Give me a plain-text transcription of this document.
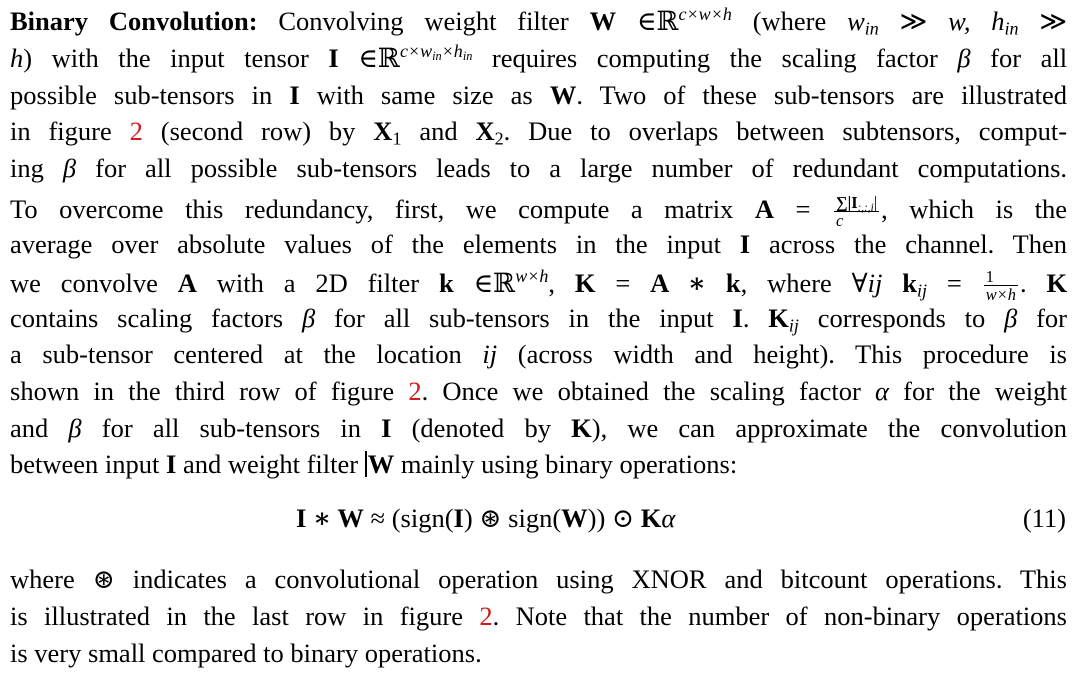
Binary Convolution: Convolving weight filter W ∈ℝ$^{c\times w\times h}$ (where $w_{in}$ ≫ w, $h_{in}$ ≫
h) with the input tensor I ∈ℝ$^{c\times w_{in}\times h_{in}}$ requires computing the scaling factor β for all
possible sub-tensors in I with same size as W. Two of these sub-tensors are illustrated
in figure 2 (second row) by $X_1$ and $X_2$. Due to overlaps between subtensors, comput-
ing β for all possible sub-tensors leads to a large number of redundant computations.
To overcome this redundancy, first, we compute a matrix $A = \frac{\sum|I_{:,:,i}|}{c}$ , which is the
average over absolute values of the elements in the input I across the channel. Then
we convolve A with a 2D filter k ∈ℝ$^{w\times h}$, K = A ∗ k, where ∀ij $k_{ij} = \frac{1}{w\times h}$ . K
contains scaling factors β for all sub-tensors in the input I. $K_{ij}$ corresponds to β for
a sub-tensor centered at the location ij (across width and height). This procedure is
shown in the third row of figure 2. Once we obtained the scaling factor α for the weight
and β for all sub-tensors in I (denoted by K), we can approximate the convolution
between input I and weight filter W mainly using binary operations:
I ∗ W ≈ (sign(I) ⊛ sign(W)) ⊙ Kα	(11)
where ⊛ indicates a convolutional operation using XNOR and bitcount operations. This
is illustrated in the last row in figure 2. Note that the number of non-binary operations
is very small compared to binary operations.
